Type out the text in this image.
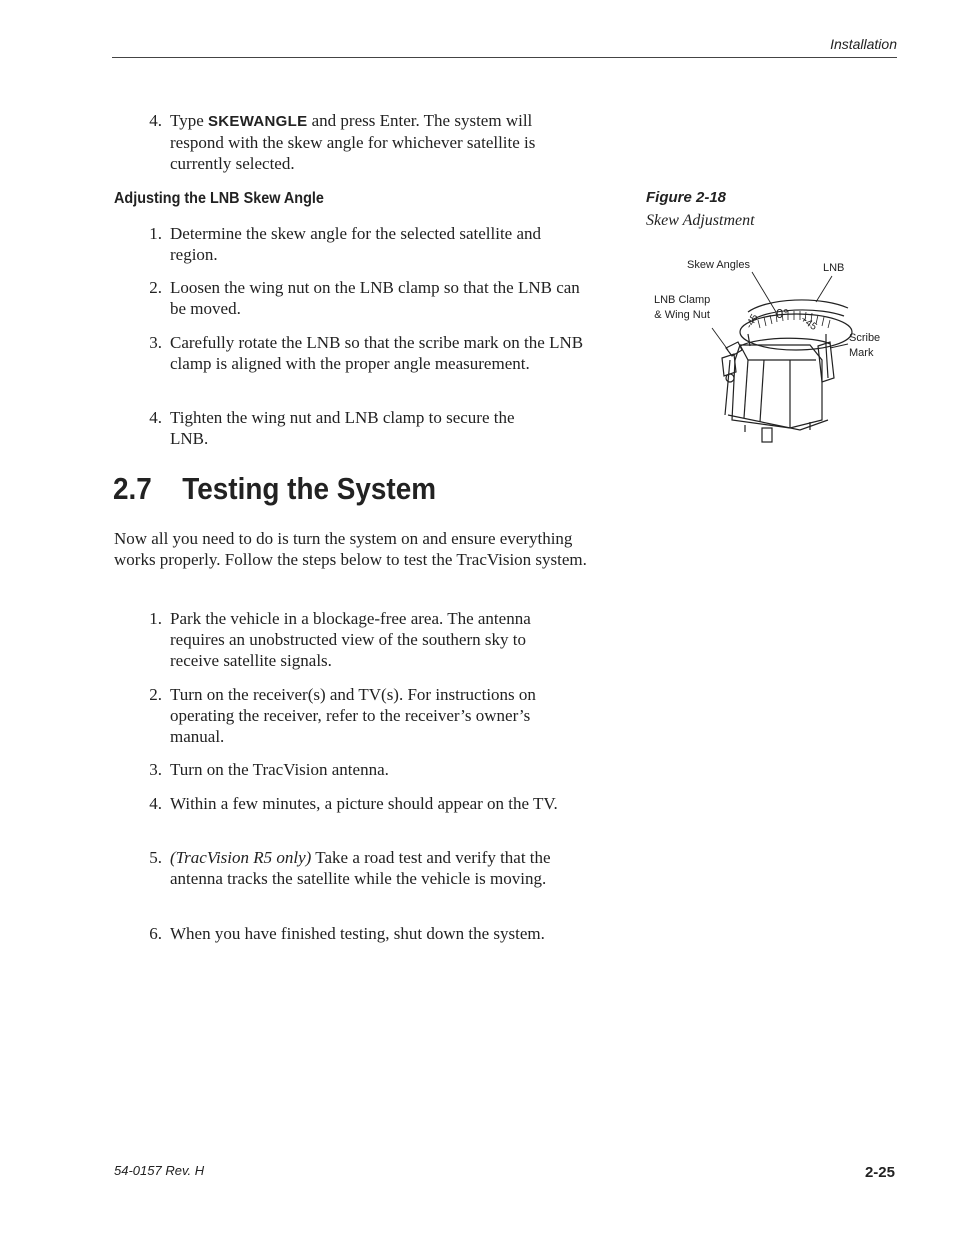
Installation
4. Type SKEWANGLE and press Enter. The system will respond with the skew angle for whichever satellite is currently selected.
Adjusting the LNB Skew Angle
1. Determine the skew angle for the selected satellite and region.
2. Loosen the wing nut on the LNB clamp so that the LNB can be moved.
3. Carefully rotate the LNB so that the scribe mark on the LNB clamp is aligned with the proper angle measurement.
4. Tighten the wing nut and LNB clamp to secure the LNB.
2.7 Testing the System
Now all you need to do is turn the system on and ensure everything works properly. Follow the steps below to test the TracVision system.
1. Park the vehicle in a blockage-free area. The antenna requires an unobstructed view of the southern sky to receive satellite signals.
2. Turn on the receiver(s) and TV(s). For instructions on operating the receiver, refer to the receiver’s owner’s manual.
3. Turn on the TracVision antenna.
4. Within a few minutes, a picture should appear on the TV.
5. (TracVision R5 only) Take a road test and verify that the antenna tracks the satellite while the vehicle is moving.
6. When you have finished testing, shut down the system.
Figure 2-18
Skew Adjustment
Skew Angles	LNB
LNB Clamp
& Wing Nut
Scribe
Mark
0°
-45	+45
54-0157 Rev. H	2-25
